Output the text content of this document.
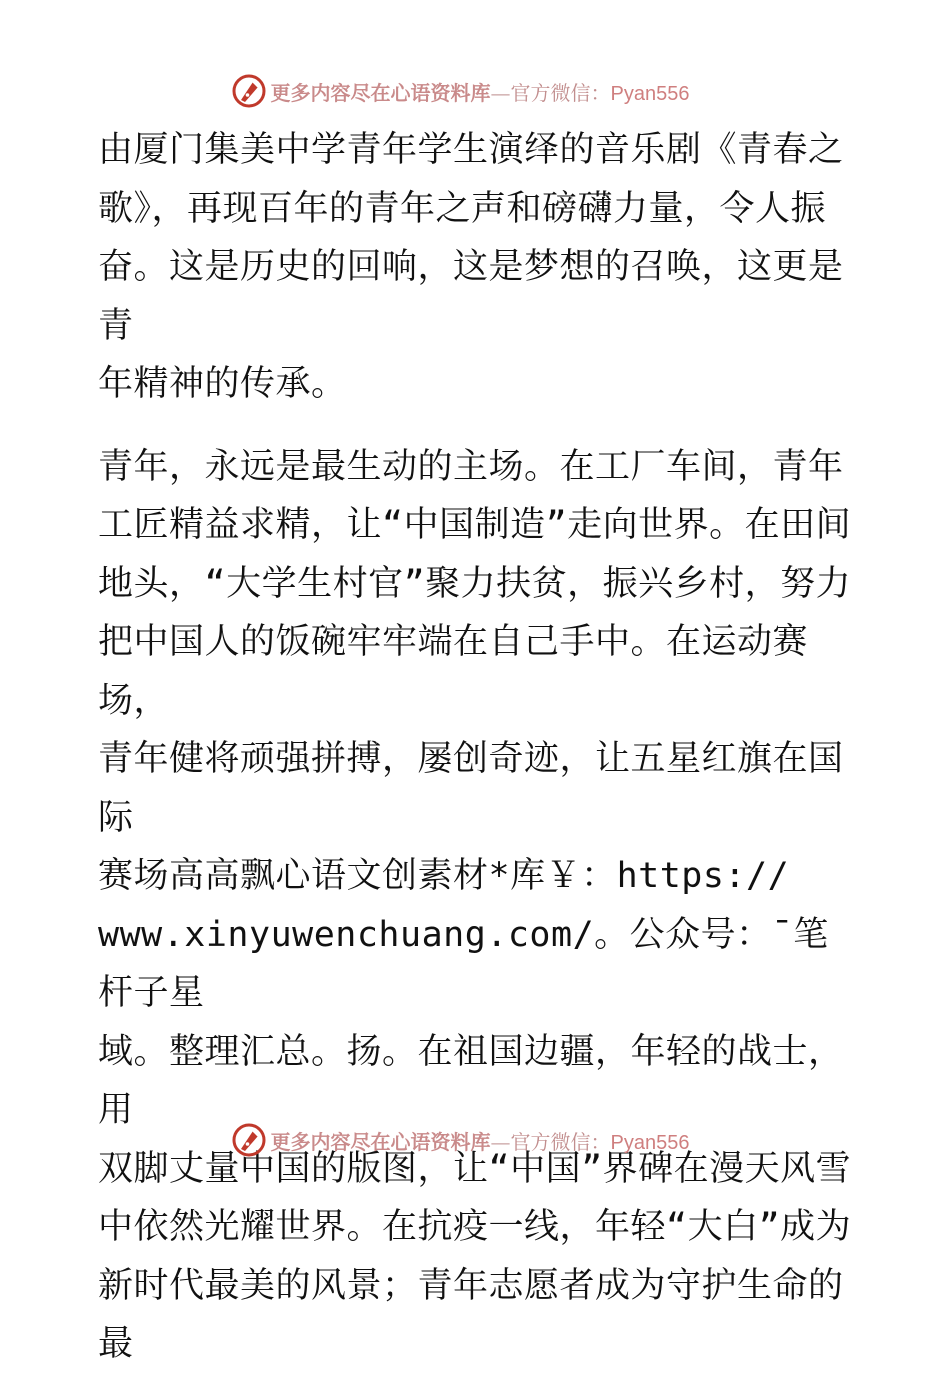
更多内容尽在心语资料库—官方微信：Pyan556

由厦门集美中学青年学生演绎的音乐剧《青春之
歌》，再现百年的青年之声和磅礴力量，令人振
奋。这是历史的回响，这是梦想的召唤，这更是青
年精神的传承。

青年，永远是最生动的主场。在工厂车间，青年
工匠精益求精，让“中国制造”走向世界。在田间
地头，“大学生村官”聚力扶贫，振兴乡村，努力
把中国人的饭碗牢牢端在自己手中。在运动赛场，
青年健将顽强拼搏，屡创奇迹，让五星红旗在国际
赛场高高飘心语文创素材*库￥：https://
www.xinyuwenchuang.com/。公众号：¯笔杆子星
域。整理汇总。扬。在祖国边疆，年轻的战士，用
双脚丈量中国的版图，让“中国”界碑在漫天风雪
中依然光耀世界。在抗疫一线，年轻“大白”成为
新时代最美的风景；青年志愿者成为守护生命的最

更多内容尽在心语资料库—官方微信：Pyan556
